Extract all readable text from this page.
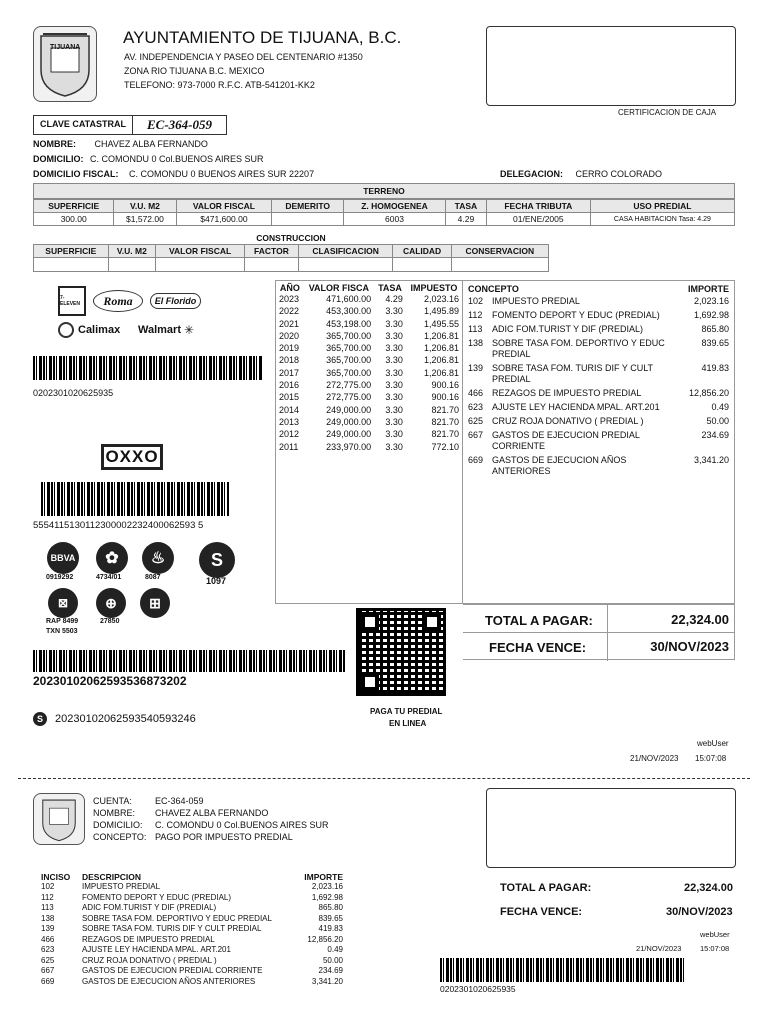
TIJUANA
AYUNTAMIENTO DE TIJUANA, B.C.
AV. INDEPENDENCIA Y PASEO DEL CENTENARIO #1350
ZONA RIO TIJUANA B.C. MEXICO
TELEFONO: 973-7000 R.F.C. ATB-541201-KK2
CERTIFICACION DE CAJA
CLAVE CATASTRAL	EC-364-059
NOMBRE: CHAVEZ ALBA FERNANDO
DOMICILIO: C. COMONDU 0 Col.BUENOS AIRES SUR
DOMICILIO FISCAL: C. COMONDU 0 BUENOS AIRES SUR 22207	DELEGACION: CERRO COLORADO
TERRENO
SUPERFICIE	V.U. M2	VALOR FISCAL	DEMERITO	Z. HOMOGENEA	TASA	FECHA TRIBUTA	USO PREDIAL
300.00	$1,572.00	$471,600.00		6003	4.29	01/ENE/2005	CASA HABITACION Tasa: 4.29
CONSTRUCCION
SUPERFICIE	V.U. M2	VALOR FISCAL	FACTOR	CLASIFICACION	CALIDAD	CONSERVACION

7-ELEVEN	Roma	El Florido
Calimax Walmart ✳
0202301020625935
OXXO
5554115130112300002232400062593 5
BBVA
0919292
✿
4734/01
♨
8087
S
1097
⊠
RAP 8499
TXN 5503
⊕
27850
⊞
20230102062593536873202
S	20230102062593540593246
AÑO	VALOR FISCA	TASA	IMPUESTO
2023	471,600.00	4.29	2,023.16
2022	453,300.00	3.30	1,495.89
2021	453,198.00	3.30	1,495.55
2020	365,700.00	3.30	1,206.81
2019	365,700.00	3.30	1,206.81
2018	365,700.00	3.30	1,206.81
2017	365,700.00	3.30	1,206.81
2016	272,775.00	3.30	900.16
2015	272,775.00	3.30	900.16
2014	249,000.00	3.30	821.70
2013	249,000.00	3.30	821.70
2012	249,000.00	3.30	821.70
2011	233,970.00	3.30	772.10
CONCEPTO	IMPORTE
102 IMPUESTO PREDIAL	2,023.16
112	FOMENTO DEPORT Y EDUC (PREDIAL)	1,692.98
113	ADIC FOM.TURIST Y DIF (PREDIAL)	865.80
138 SOBRE TASA FOM. DEPORTIVO Y EDUC PREDIAL
839.65
139 SOBRE TASA FOM. TURIS DIF Y CULT PREDIAL
419.83
466 REZAGOS DE IMPUESTO PREDIAL	12,856.20
623 AJUSTE LEY HACIENDA MPAL. ART.201	0.49
625 CRUZ ROJA DONATIVO ( PREDIAL )	50.00
667 GASTOS DE EJECUCION PREDIAL CORRIENTE
234.69
669 GASTOS DE EJECUCION AÑOS ANTERIORES
3,341.20
TOTAL A PAGAR:	22,324.00
FECHA VENCE:	30/NOV/2023
PAGA TU PREDIAL
EN LINEA
webUser
21/NOV/2023 15:07:08
CUENTA:	EC-364-059
NOMBRE: CHAVEZ ALBA FERNANDO
DOMICILIO: C. COMONDU 0 Col.BUENOS AIRES SUR
CONCEPTO: PAGO POR IMPUESTO PREDIAL
INCISO	DESCRIPCION	IMPORTE
102	IMPUESTO PREDIAL	2,023.16
112	FOMENTO DEPORT Y EDUC (PREDIAL)	1,692.98
113	ADIC FOM.TURIST Y DIF (PREDIAL)	865.80
138	SOBRE TASA FOM. DEPORTIVO Y EDUC PREDIAL	839.65
139	SOBRE TASA FOM. TURIS DIF Y CULT PREDIAL	419.83
466	REZAGOS DE IMPUESTO PREDIAL	12,856.20
623	AJUSTE LEY HACIENDA MPAL. ART.201	0.49
625	CRUZ ROJA DONATIVO ( PREDIAL )	50.00
667	GASTOS DE EJECUCION PREDIAL CORRIENTE	234.69
669	GASTOS DE EJECUCION AÑOS ANTERIORES	3,341.20
TOTAL A PAGAR:	22,324.00
FECHA VENCE:	30/NOV/2023
webUser
21/NOV/2023 15:07:08
0202301020625935
